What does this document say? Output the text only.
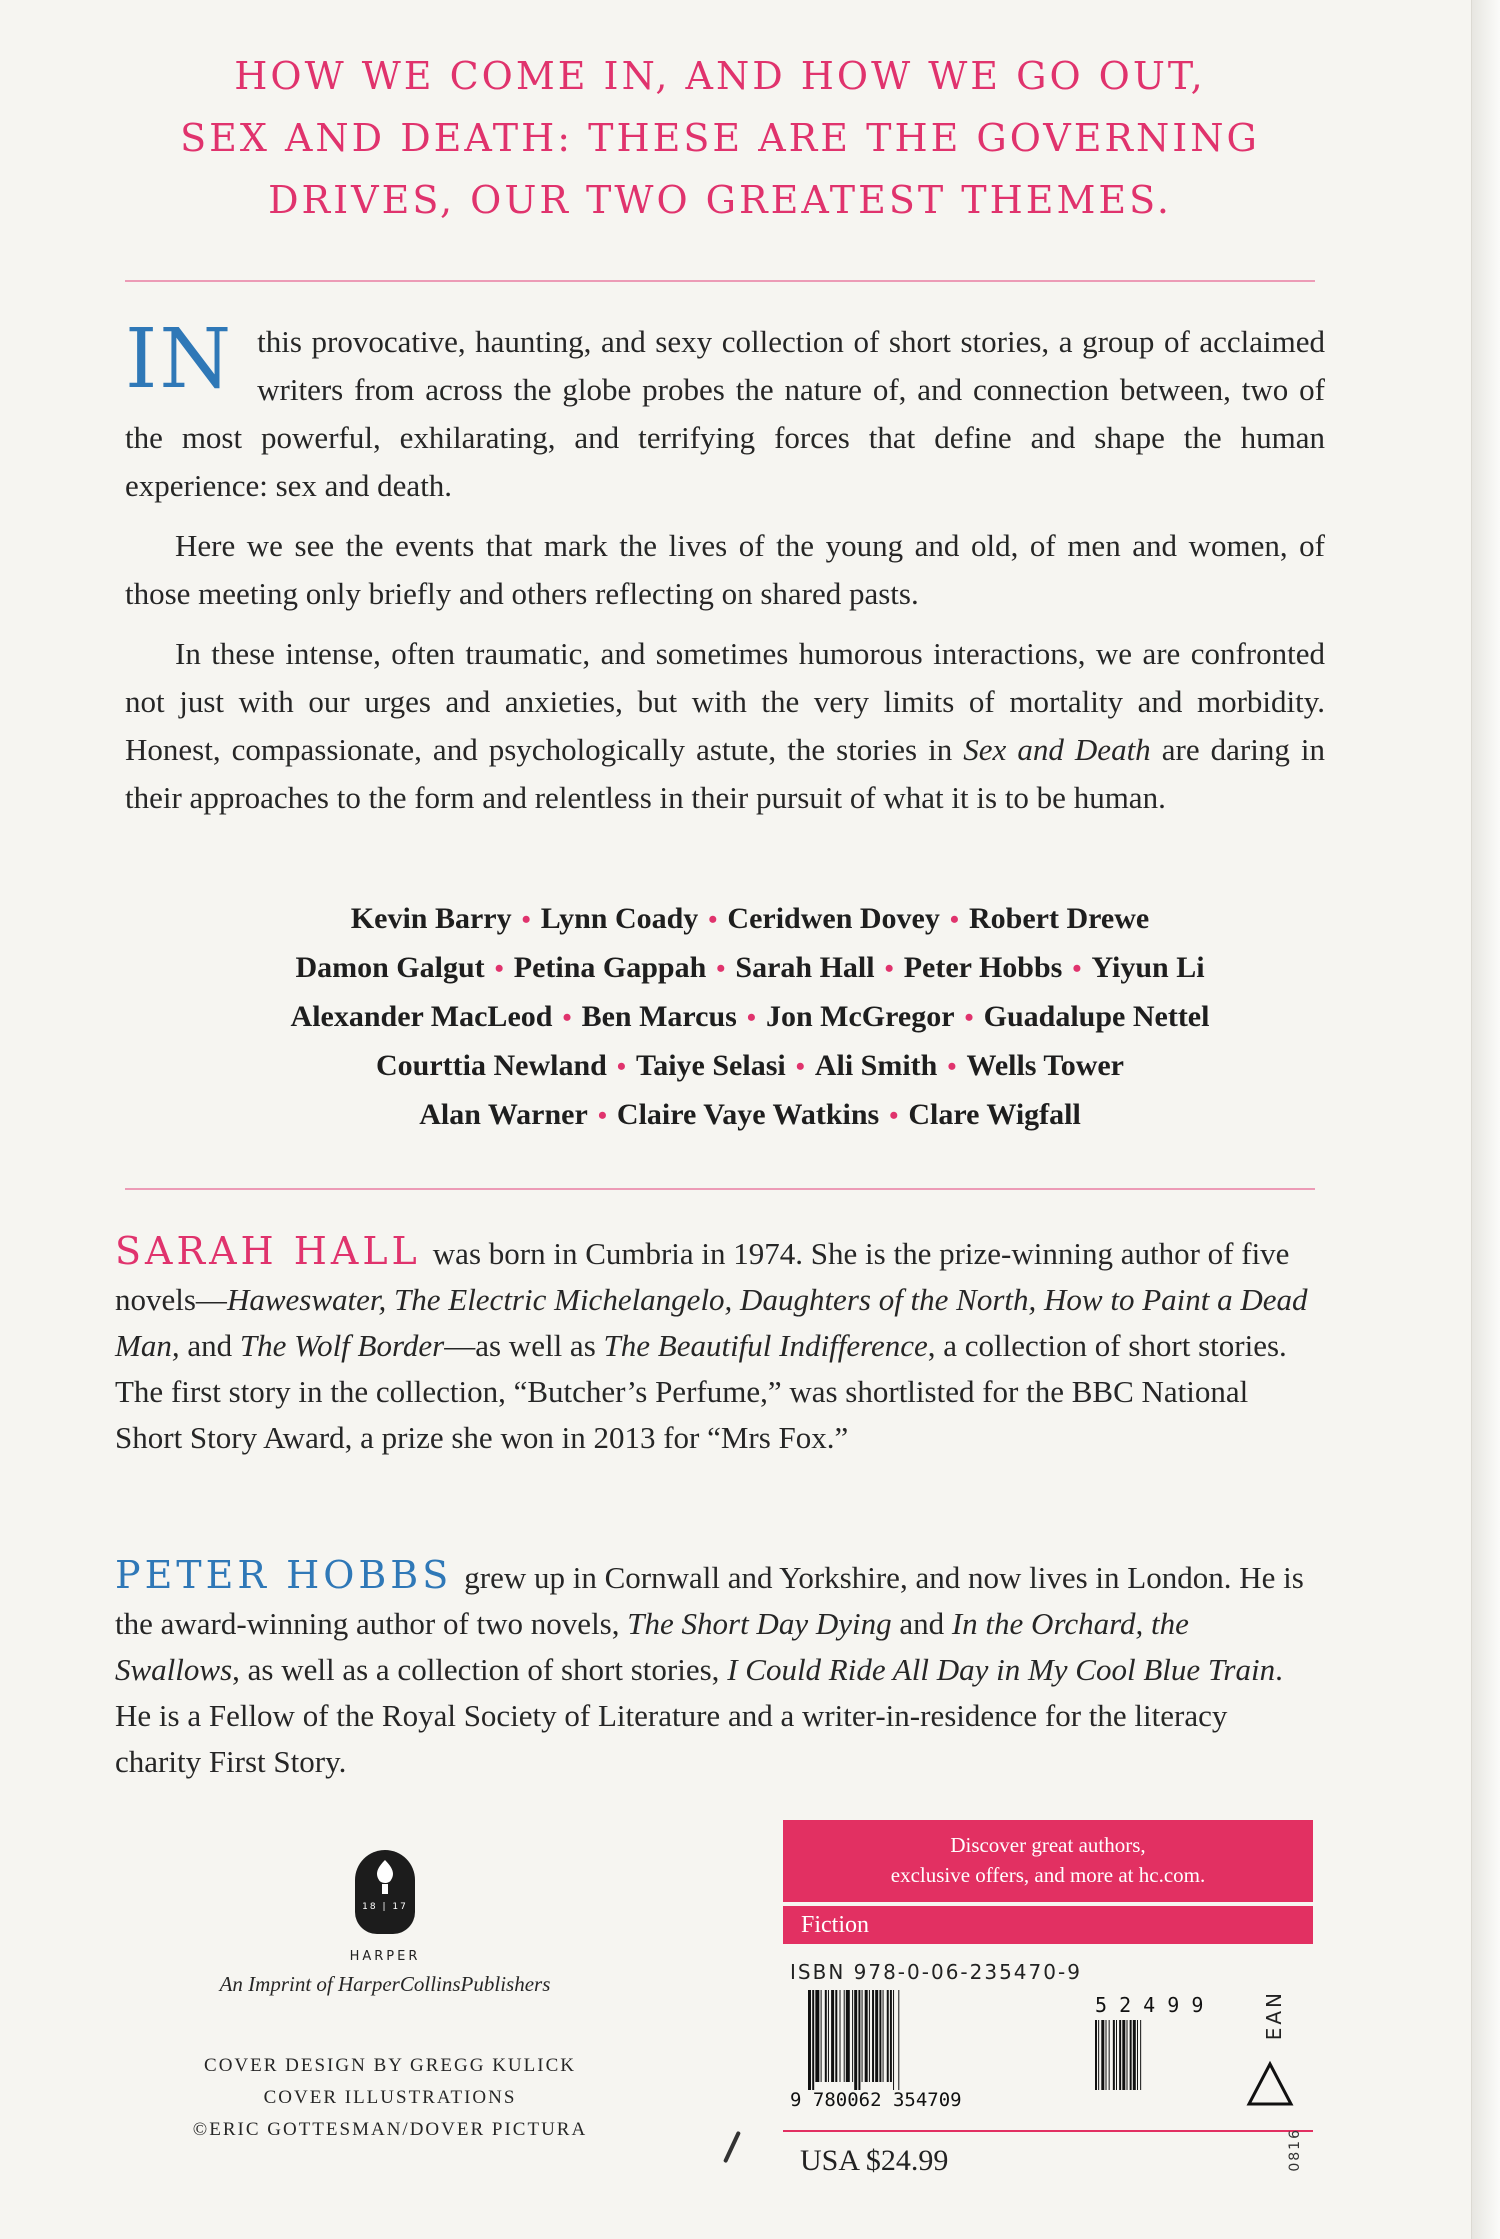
HOW WE COME IN, AND HOW WE GO OUT,
SEX AND DEATH: THESE ARE THE GOVERNING
DRIVES, OUR TWO GREATEST THEMES.

IN this provocative, haunting, and sexy collection of short stories, a group of acclaimed writers from across the globe probes the nature of, and connection between, two of the most powerful, exhilarating, and terrifying forces that define and shape the human experience: sex and death.

Here we see the events that mark the lives of the young and old, of men and women, of those meeting only briefly and others reflecting on shared pasts.

In these intense, often traumatic, and sometimes humorous interactions, we are confronted not just with our urges and anxieties, but with the very limits of mortality and morbidity. Honest, compassionate, and psychologically astute, the stories in Sex and Death are daring in their approaches to the form and relentless in their pursuit of what it is to be human.

Kevin Barry • Lynn Coady • Ceridwen Dovey • Robert Drewe
Damon Galgut • Petina Gappah • Sarah Hall • Peter Hobbs • Yiyun Li
Alexander MacLeod • Ben Marcus • Jon McGregor • Guadalupe Nettel
Courttia Newland • Taiye Selasi • Ali Smith • Wells Tower
Alan Warner • Claire Vaye Watkins • Clare Wigfall
SARAH HALL was born in Cumbria in 1974. She is the prize-winning author of five novels—Haweswater, The Electric Michelangelo, Daughters of the North, How to Paint a Dead Man, and The Wolf Border—as well as The Beautiful Indifference, a collection of short stories. The first story in the collection, “Butcher’s Perfume,” was shortlisted for the BBC National Short Story Award, a prize she won in 2013 for “Mrs Fox.”
PETER HOBBS grew up in Cornwall and Yorkshire, and now lives in London. He is the award-winning author of two novels, The Short Day Dying and In the Orchard, the Swallows, as well as a collection of short stories, I Could Ride All Day in My Cool Blue Train. He is a Fellow of the Royal Society of Literature and a writer-in-residence for the literacy charity First Story.
18 | 17
HARPER
An Imprint of HarperCollinsPublishers
COVER DESIGN BY GREGG KULICK
COVER ILLUSTRATIONS
©ERIC GOTTESMAN/DOVER PICTURA
Discover great authors,
exclusive offers, and more at hc.com.
Fiction
ISBN 978-0-06-235470-9
9 780062 354709
5 2 4 9 9	EAN
USA $24.99	0816
